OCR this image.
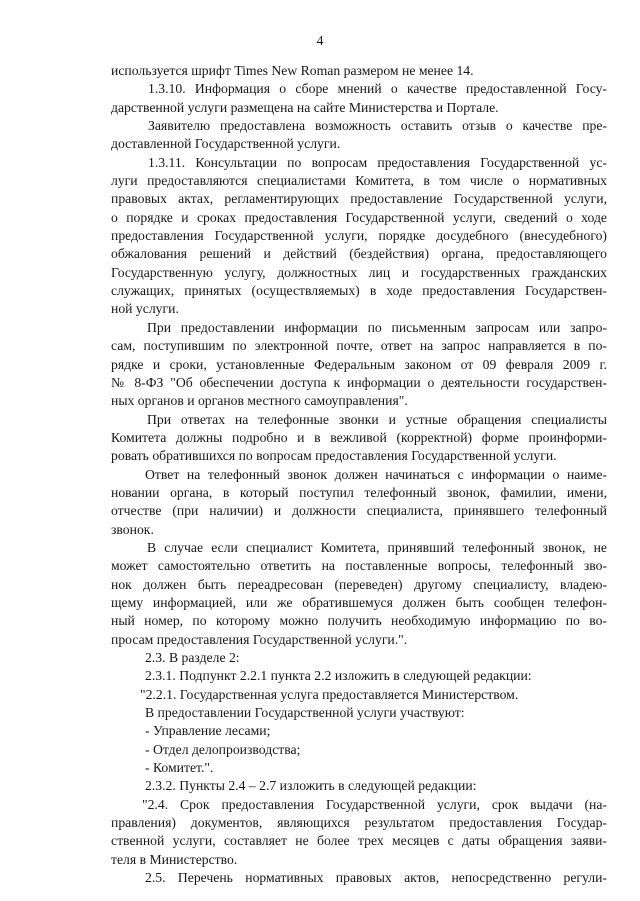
4
используется шрифт Times New Roman размером не менее 14.
1.3.10. Информация о сборе мнений о качестве предоставленной Госу-
дарственной услуги размещена на сайте Министерства и Портале.
Заявителю предоставлена возможность оставить отзыв о качестве пре-
доставленной Государственной услуги.
1.3.11. Консультации по вопросам предоставления Государственной ус-
луги предоставляются специалистами Комитета, в том числе о нормативных
правовых актах, регламентирующих предоставление Государственной услуги,
о порядке и сроках предоставления Государственной услуги, сведений о ходе
предоставления Государственной услуги, порядке досудебного (внесудебного)
обжалования решений и действий (бездействия) органа, предоставляющего
Государственную услугу, должностных лиц и государственных гражданских
служащих, принятых (осуществляемых) в ходе предоставления Государствен-
ной услуги.
При предоставлении информации по письменным запросам или запро-
сам, поступившим по электронной почте, ответ на запрос направляется в по-
рядке и сроки, установленные Федеральным законом от 09 февраля 2009 г.
№ 8-ФЗ "Об обеспечении доступа к информации о деятельности государствен-
ных органов и органов местного самоуправления".
При ответах на телефонные звонки и устные обращения специалисты
Комитета должны подробно и в вежливой (корректной) форме проинформи-
ровать обратившихся по вопросам предоставления Государственной услуги.
Ответ на телефонный звонок должен начинаться с информации о наиме-
новании органа, в который поступил телефонный звонок, фамилии, имени,
отчестве (при наличии) и должности специалиста, принявшего телефонный
звонок.
В случае если специалист Комитета, принявший телефонный звонок, не
может самостоятельно ответить на поставленные вопросы, телефонный зво-
нок должен быть переадресован (переведен) другому специалисту, владею-
щему информацией, или же обратившемуся должен быть сообщен телефон-
ный номер, по которому можно получить необходимую информацию по во-
просам предоставления Государственной услуги.".
2.3. В разделе 2:
2.3.1. Подпункт 2.2.1 пункта 2.2 изложить в следующей редакции:
"2.2.1. Государственная услуга предоставляется Министерством.
В предоставлении Государственной услуги участвуют:
- Управление лесами;
- Отдел делопроизводства;
- Комитет.".
2.3.2. Пункты 2.4 – 2.7 изложить в следующей редакции:
"2.4. Срок предоставления Государственной услуги, срок выдачи (на-
правления) документов, являющихся результатом предоставления Государ-
ственной услуги, составляет не более трех месяцев с даты обращения заяви-
теля в Министерство.
2.5. Перечень нормативных правовых актов, непосредственно регули-
